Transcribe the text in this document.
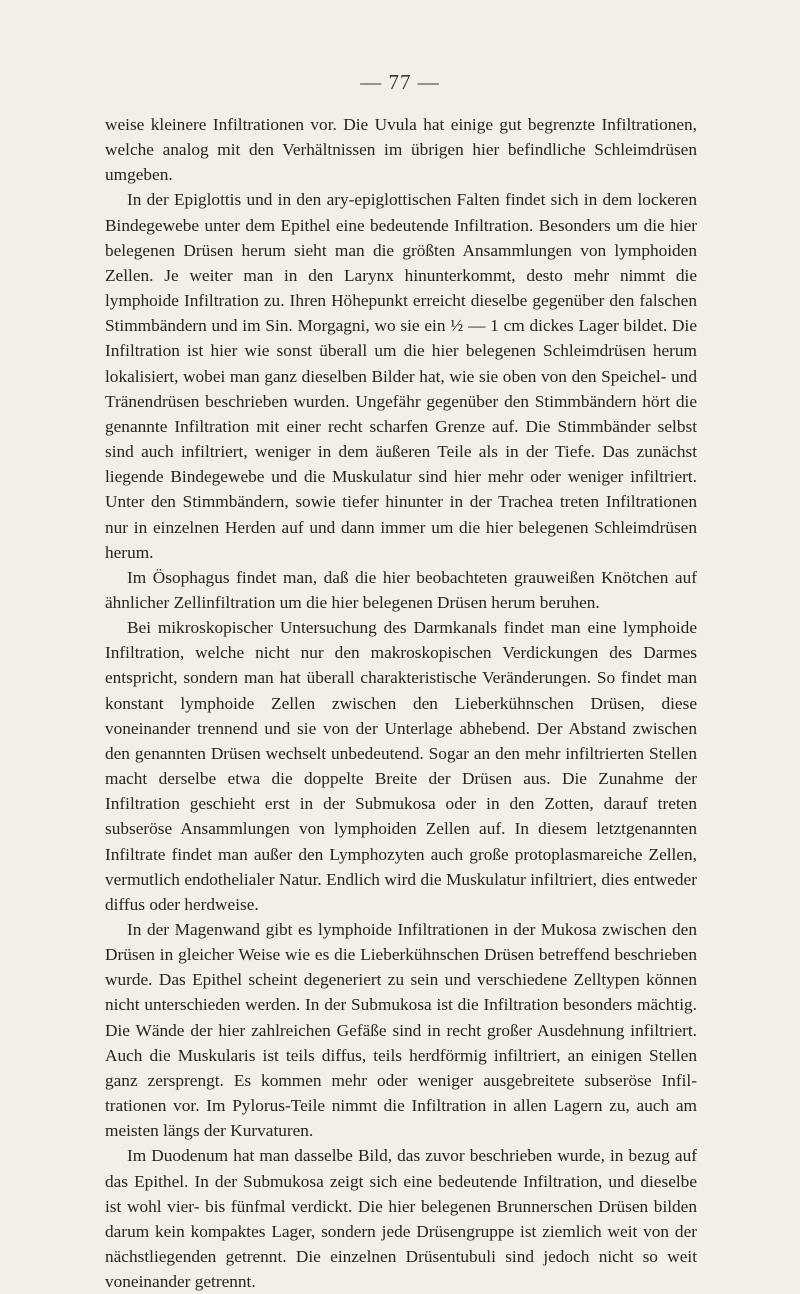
— 77 —

weise kleinere Infiltrationen vor. Die Uvula hat einige gut begrenzte Infiltrationen, welche analog mit den Verhältnissen im übrigen hier befindliche Schleimdrüsen umgeben.

In der Epiglottis und in den ary-epiglottischen Falten findet sich in dem lockeren Bindegewebe unter dem Epithel eine bedeutende Infiltration. Besonders um die hier belegenen Drüsen herum sieht man die größten Ansammlungen von lymphoiden Zellen. Je weiter man in den Larynx hinunterkommt, desto mehr nimmt die lymphoide Infiltration zu. Ihren Höhepunkt erreicht dieselbe gegenüber den falschen Stimmbändern und im Sin. Morgagni, wo sie ein ½ — 1 cm dickes Lager bildet. Die Infiltration ist hier wie sonst überall um die hier belegenen Schleimdrüsen herum lokalisiert, wobei man ganz dieselben Bilder hat, wie sie oben von den Speichel- und Tränendrüsen beschrieben wurden. Ungefähr gegenüber den Stimmbändern hört die genannte Infiltration mit einer recht scharfen Grenze auf. Die Stimmbänder selbst sind auch infiltriert, weniger in dem äußeren Teile als in der Tiefe. Das zunächst liegende Bindegewebe und die Muskulatur sind hier mehr oder weniger infiltriert. Unter den Stimmbändern, sowie tiefer hinunter in der Trachea treten Infiltrationen nur in einzelnen Herden auf und dann immer um die hier belegenen Schleimdrüsen herum.

Im Ösophagus findet man, daß die hier beobachteten grauweißen Knötchen auf ähnlicher Zellinfiltration um die hier belegenen Drüsen herum beruhen.

Bei mikroskopischer Untersuchung des Darmkanals findet man eine lymphoide Infiltration, welche nicht nur den makroskopischen Verdickungen des Darmes entspricht, sondern man hat überall charakteristische Veränderungen. So findet man konstant lymphoide Zellen zwischen den Lieberkühnschen Drüsen, diese voneinander trennend und sie von der Unterlage abhebend. Der Abstand zwischen den genannten Drüsen wechselt unbedeutend. Sogar an den mehr infiltrierten Stellen macht derselbe etwa die doppelte Breite der Drüsen aus. Die Zunahme der Infiltration geschieht erst in der Submukosa oder in den Zotten, darauf treten subseröse Ansammlungen von lymphoiden Zellen auf. In diesem letztgenannten Infiltrate findet man außer den Lymphozyten auch große protoplasmareiche Zellen, vermutlich endothelialer Natur. Endlich wird die Muskulatur infiltriert, dies entweder diffus oder herdweise.

In der Magenwand gibt es lymphoide Infiltrationen in der Mukosa zwischen den Drüsen in gleicher Weise wie es die Lieberkühnschen Drüsen betreffend beschrieben wurde. Das Epithel scheint degeneriert zu sein und verschiedene Zelltypen können nicht unterschieden werden. In der Submukosa ist die Infiltration besonders mächtig. Die Wände der hier zahlreichen Gefäße sind in recht großer Ausdehnung infiltriert. Auch die Muskularis ist teils diffus, teils herdförmig infiltriert, an einigen Stellen ganz zersprengt. Es kommen mehr oder weniger ausgebreitete subseröse Infiltrationen vor. Im Pylorus-Teile nimmt die Infiltration in allen Lagern zu, auch am meisten längs der Kurvaturen.

Im Duodenum hat man dasselbe Bild, das zuvor beschrieben wurde, in bezug auf das Epithel. In der Submukosa zeigt sich eine bedeutende Infiltration, und dieselbe ist wohl vier- bis fünfmal verdickt. Die hier belegenen Brunnerschen Drüsen bilden darum kein kompaktes Lager, sondern jede Drüsengruppe ist ziemlich weit von der nächstliegenden getrennt. Die einzelnen Drüsentubuli sind jedoch nicht so weit voneinander getrennt.
